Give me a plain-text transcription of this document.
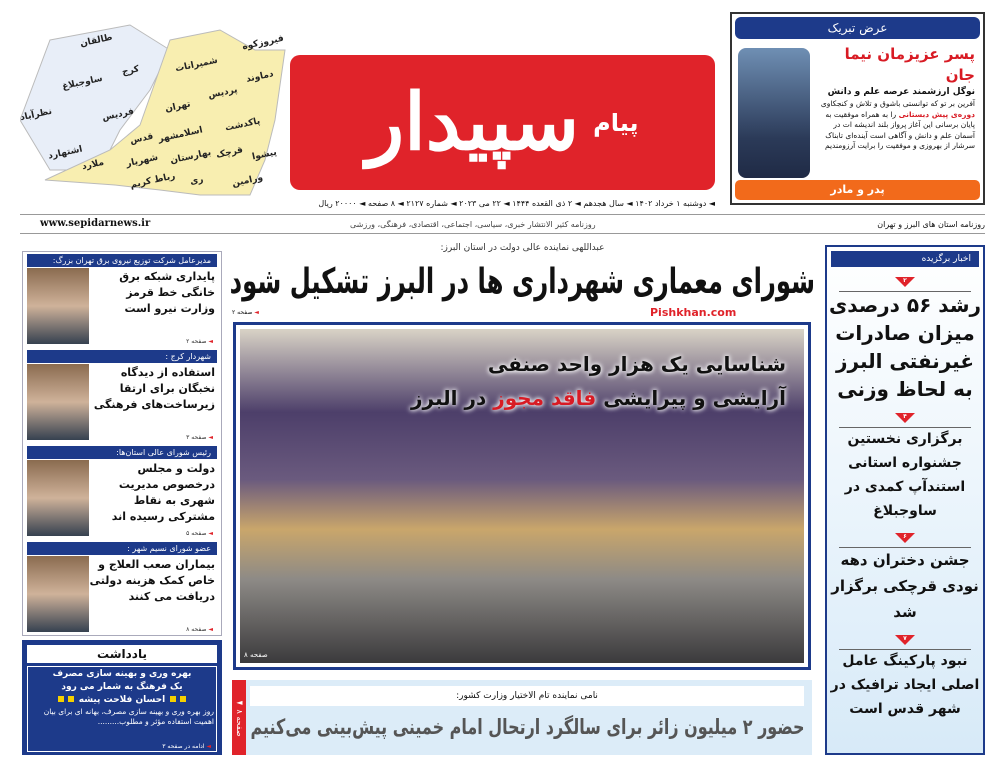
طالقان
ساوجبلاغ
کرج
نظرآباد	فردیس
اشتهارد
شمیرانات
فیروزکوه
تهران
پردیس
دماوند
قدس اسلامشهر
ملارد شهریار بهارستان
پاکدشت
قرچک
رباط کریم ری
پیشوا
ورامین
پیام
سپیدار
◄ دوشنبه ۱ خرداد ۱۴۰۲ ◄ سال هجدهم ◄ ۲ ذی القعده ۱۴۴۴ ◄ ۲۲ می ۲۰۲۳ ◄ شماره ۲۱۲۷ ◄ ۸ صفحه ◄ ۲۰۰۰۰ ریال
عرض تبریک
پسر عزیزمان نیما جان
نوگل ارزشمند عرصه علم و دانش
آفرین بر تو که توانستی باشوق و تلاش و کنجکاوی دوره‌ی پیش دبستانی را به همراه موفقیت به پایان برسانی این آغاز پرواز بلند اندیشه ات در آسمان علم و دانش و آگاهی است آینده‌ای تابناک سرشار از بهروزی و موفقیت را برایت آرزومندیم
پدر و مادر
روزنامه استان های البرز و تهران
روزنامه کثیر الانتشار خبری، سیاسی، اجتماعی، اقتصادی، فرهنگی، ورزشی
www.sepidarnews.ir
مدیرعامل شرکت توزیع نیروی برق تهران بزرگ:
پایداری شبکه برق خانگی خط قرمز وزارت نیرو است
◄ صفحه ۲
شهردار کرج :
استفاده از دیدگاه نخبگان برای ارتقا زیرساخت‌های فرهنگی
◄ صفحه ۳
رئیس شورای عالی استان‌ها:
دولت و مجلس درخصوص مدیریت شهری به نقاط مشترکی رسیده اند
◄ صفحه ۵
عضو شورای نسیم شهر :
بیماران صعب العلاج و خاص کمک هزینه دولتی دریافت می کنند
◄ صفحه ۸
یادداشت
بهره وری و بهینه سازی مصرف
یک فرهنگ به شمار می رود
احسان فلاحت پیشه
روز بهره وری و بهینه سازی مصرف، بهانه ای برای بیان اهمیت استفاده مؤثر و مطلوب.........
◄ ادامه در صفحه ۳
عبداللهی نماینده عالی دولت در استان البرز:
شورای معماری شهرداری ها در البرز تشکیل شود
◄ صفحه ۲
شناسایی یک هزار واحد صنفی
آرایشی و پیرایشی فاقد مجوز در البرز
صفحه ۸
Pishkhan.com
◄ صفحه ۸
نامی نماینده تام الاختیار وزارت کشور:
حضور ۲ میلیون زائر برای سالگرد ارتحال امام خمینی پیش‌بینی می‌کنیم
اخبار برگزیده
۲
رشد ۵۶ درصدی میزان صادرات غیرنفتی البرز به لحاظ وزنی
۴
برگزاری نخستین جشنواره استانی استندآپ کمدی در ساوجبلاغ
۶
جشن دختران دهه نودی قرچکی برگزار شد
۷
نبود پارکینگ عامل اصلی ایجاد ترافیک در شهر قدس است
